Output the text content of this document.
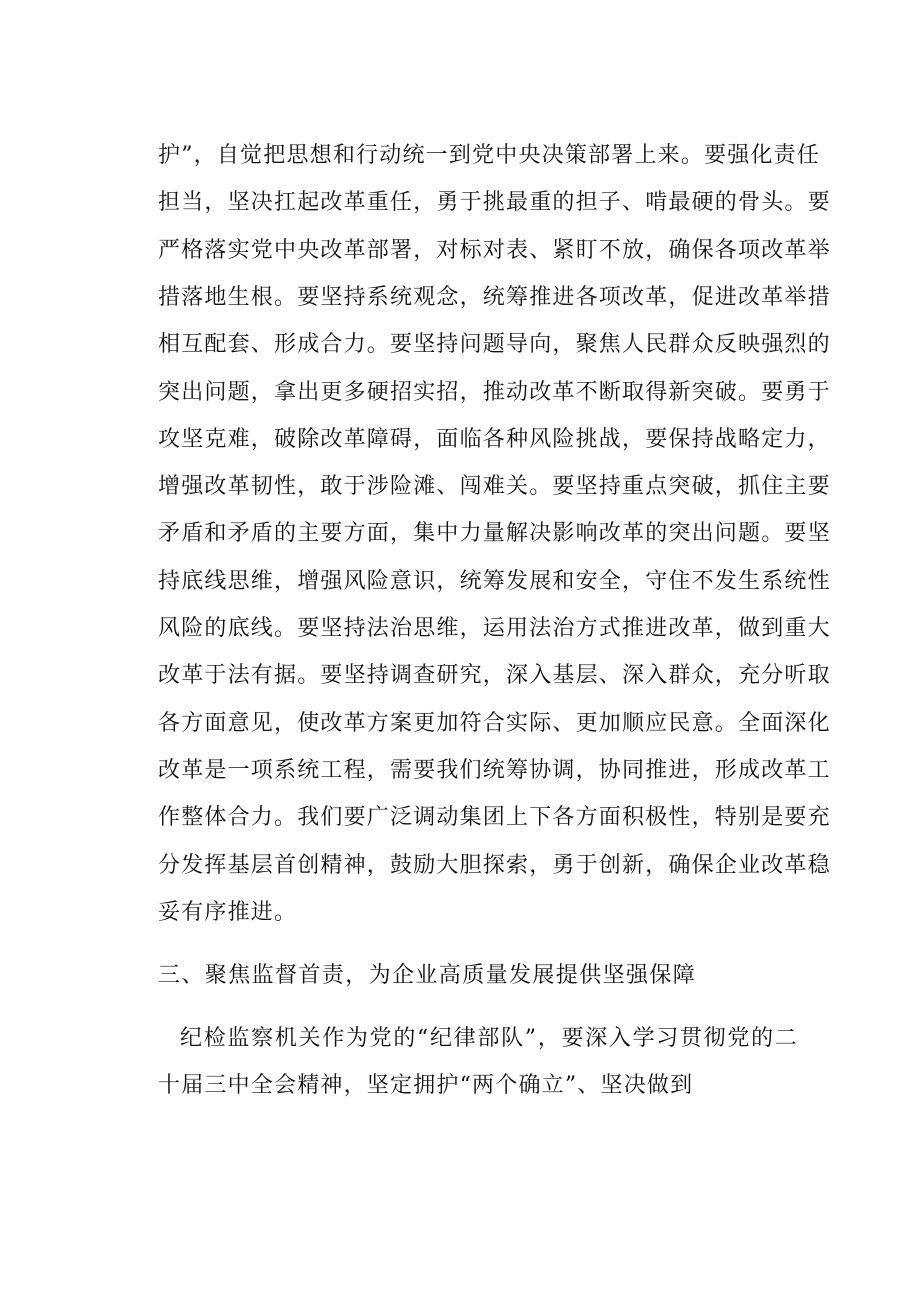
护”，自觉把思想和行动统一到党中央决策部署上来。要强化责任
担当，坚决扛起改革重任，勇于挑最重的担子、啃最硬的骨头。要
严格落实党中央改革部署，对标对表、紧盯不放，确保各项改革举
措落地生根。要坚持系统观念，统筹推进各项改革，促进改革举措
相互配套、形成合力。要坚持问题导向，聚焦人民群众反映强烈的
突出问题，拿出更多硬招实招，推动改革不断取得新突破。要勇于
攻坚克难，破除改革障碍，面临各种风险挑战，要保持战略定力，
增强改革韧性，敢于涉险滩、闯难关。要坚持重点突破，抓住主要
矛盾和矛盾的主要方面，集中力量解决影响改革的突出问题。要坚
持底线思维，增强风险意识，统筹发展和安全，守住不发生系统性
风险的底线。要坚持法治思维，运用法治方式推进改革，做到重大
改革于法有据。要坚持调查研究，深入基层、深入群众，充分听取
各方面意见，使改革方案更加符合实际、更加顺应民意。全面深化
改革是一项系统工程，需要我们统筹协调，协同推进，形成改革工
作整体合力。我们要广泛调动集团上下各方面积极性，特别是要充
分发挥基层首创精神，鼓励大胆探索，勇于创新，确保企业改革稳
妥有序推进。
三、聚焦监督首责，为企业高质量发展提供坚强保障
纪检监察机关作为党的“纪律部队”，要深入学习贯彻党的二
十届三中全会精神，坚定拥护“两个确立”、坚决做到
